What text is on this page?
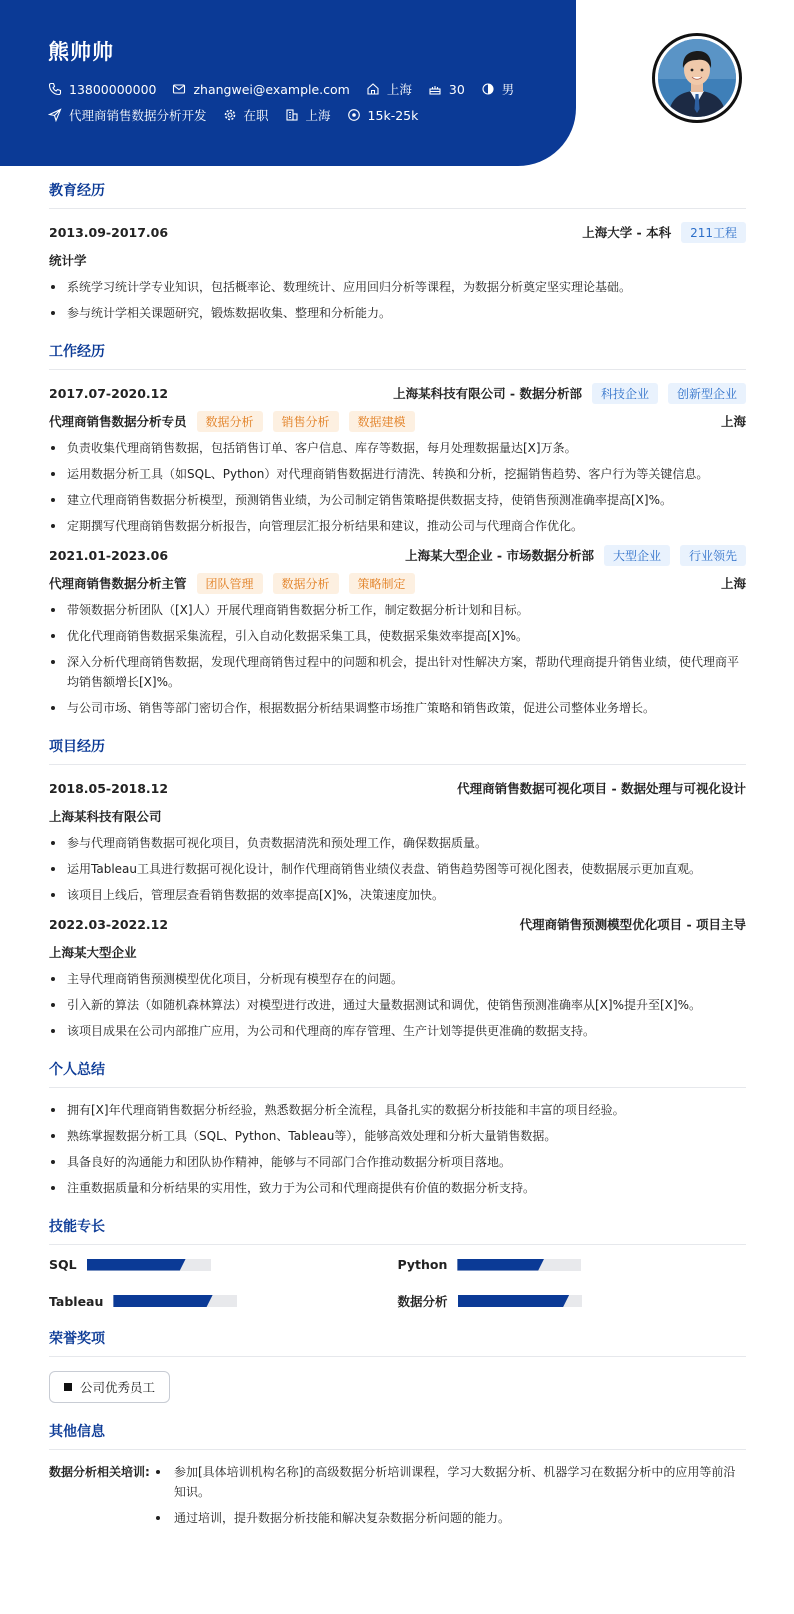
熊帅帅
13800000000	zhangwei@example.com	上海	30	男
代理商销售数据分析开发	在职	上海	15k-25k
教育经历
2013.09-2017.06	上海大学 - 本科	211工程
统计学
系统学习统计学专业知识，包括概率论、数理统计、应用回归分析等课程，为数据分析奠定坚实理论基础。
参与统计学相关课题研究，锻炼数据收集、整理和分析能力。
工作经历
2017.07-2020.12	上海某科技有限公司 - 数据分析部	科技企业	创新型企业
代理商销售数据分析专员	数据分析	销售分析	数据建模	上海
负责收集代理商销售数据，包括销售订单、客户信息、库存等数据，每月处理数据量达[X]万条。
运用数据分析工具（如SQL、Python）对代理商销售数据进行清洗、转换和分析，挖掘销售趋势、客户行为等关键信息。
建立代理商销售数据分析模型，预测销售业绩，为公司制定销售策略提供数据支持，使销售预测准确率提高[X]%。
定期撰写代理商销售数据分析报告，向管理层汇报分析结果和建议，推动公司与代理商合作优化。
2021.01-2023.06	上海某大型企业 - 市场数据分析部	大型企业	行业领先
代理商销售数据分析主管	团队管理	数据分析	策略制定	上海
带领数据分析团队（[X]人）开展代理商销售数据分析工作，制定数据分析计划和目标。
优化代理商销售数据采集流程，引入自动化数据采集工具，使数据采集效率提高[X]%。
深入分析代理商销售数据，发现代理商销售过程中的问题和机会，提出针对性解决方案，帮助代理商提升销售业绩，使代理商平均销售额增长[X]%。
与公司市场、销售等部门密切合作，根据数据分析结果调整市场推广策略和销售政策，促进公司整体业务增长。
项目经历
2018.05-2018.12	代理商销售数据可视化项目 - 数据处理与可视化设计
上海某科技有限公司
参与代理商销售数据可视化项目，负责数据清洗和预处理工作，确保数据质量。
运用Tableau工具进行数据可视化设计，制作代理商销售业绩仪表盘、销售趋势图等可视化图表，使数据展示更加直观。
该项目上线后，管理层查看销售数据的效率提高[X]%，决策速度加快。
2022.03-2022.12	代理商销售预测模型优化项目 - 项目主导
上海某大型企业
主导代理商销售预测模型优化项目，分析现有模型存在的问题。
引入新的算法（如随机森林算法）对模型进行改进，通过大量数据测试和调优，使销售预测准确率从[X]%提升至[X]%。
该项目成果在公司内部推广应用，为公司和代理商的库存管理、生产计划等提供更准确的数据支持。
个人总结
拥有[X]年代理商销售数据分析经验，熟悉数据分析全流程，具备扎实的数据分析技能和丰富的项目经验。
熟练掌握数据分析工具（SQL、Python、Tableau等），能够高效处理和分析大量销售数据。
具备良好的沟通能力和团队协作精神，能够与不同部门合作推动数据分析项目落地。
注重数据质量和分析结果的实用性，致力于为公司和代理商提供有价值的数据分析支持。
技能专长
SQL	Python
Tableau	数据分析
荣誉奖项
公司优秀员工
其他信息
数据分析相关培训:	参加[具体培训机构名称]的高级数据分析培训课程，学习大数据分析、机器学习在数据分析中的应用等前沿知识。
通过培训，提升数据分析技能和解决复杂数据分析问题的能力。
